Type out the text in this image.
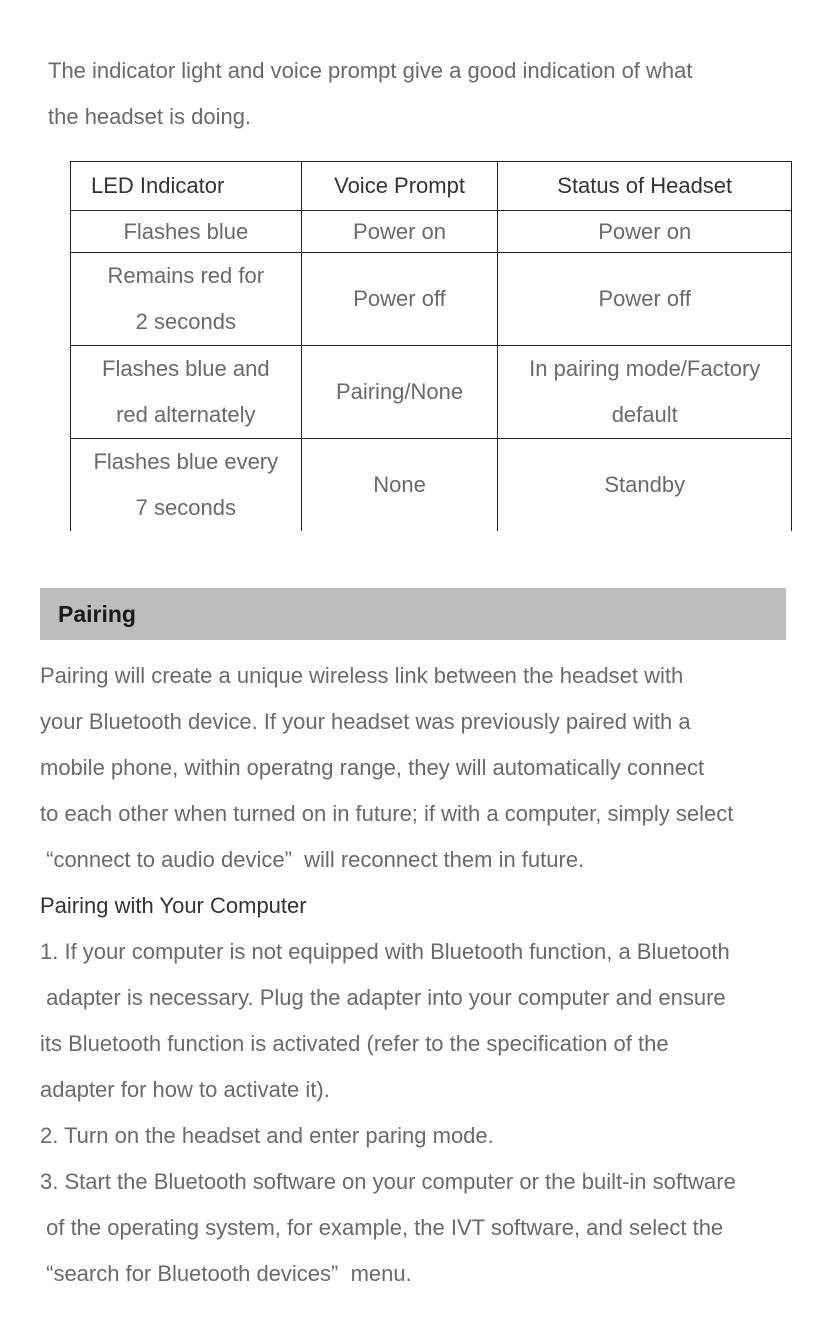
The indicator light and voice prompt give a good indication of what
the headset is doing.
LED Indicator	Voice Prompt	Status of Headset
Flashes blue	Power on	Power on
Remains red for
2 seconds	Power off	Power off
Flashes blue and
red alternately	Pairing/None	In pairing mode/Factory
default
Flashes blue every
7 seconds	None	Standby
Pairing

Pairing will create a unique wireless link between the headset with

your Bluetooth device. If your headset was previously paired with a

mobile phone, within operatng range, they will automatically connect

to each other when turned on in future; if with a computer, simply select

“connect to audio device”  will reconnect them in future.

Pairing with Your Computer

1. If your computer is not equipped with Bluetooth function, a Bluetooth

adapter is necessary. Plug the adapter into your computer and ensure

its Bluetooth function is activated (refer to the specification of the

adapter for how to activate it).

2. Turn on the headset and enter paring mode.

3. Start the Bluetooth software on your computer or the built-in software

of the operating system, for example, the IVT software, and select the

“search for Bluetooth devices”  menu.
